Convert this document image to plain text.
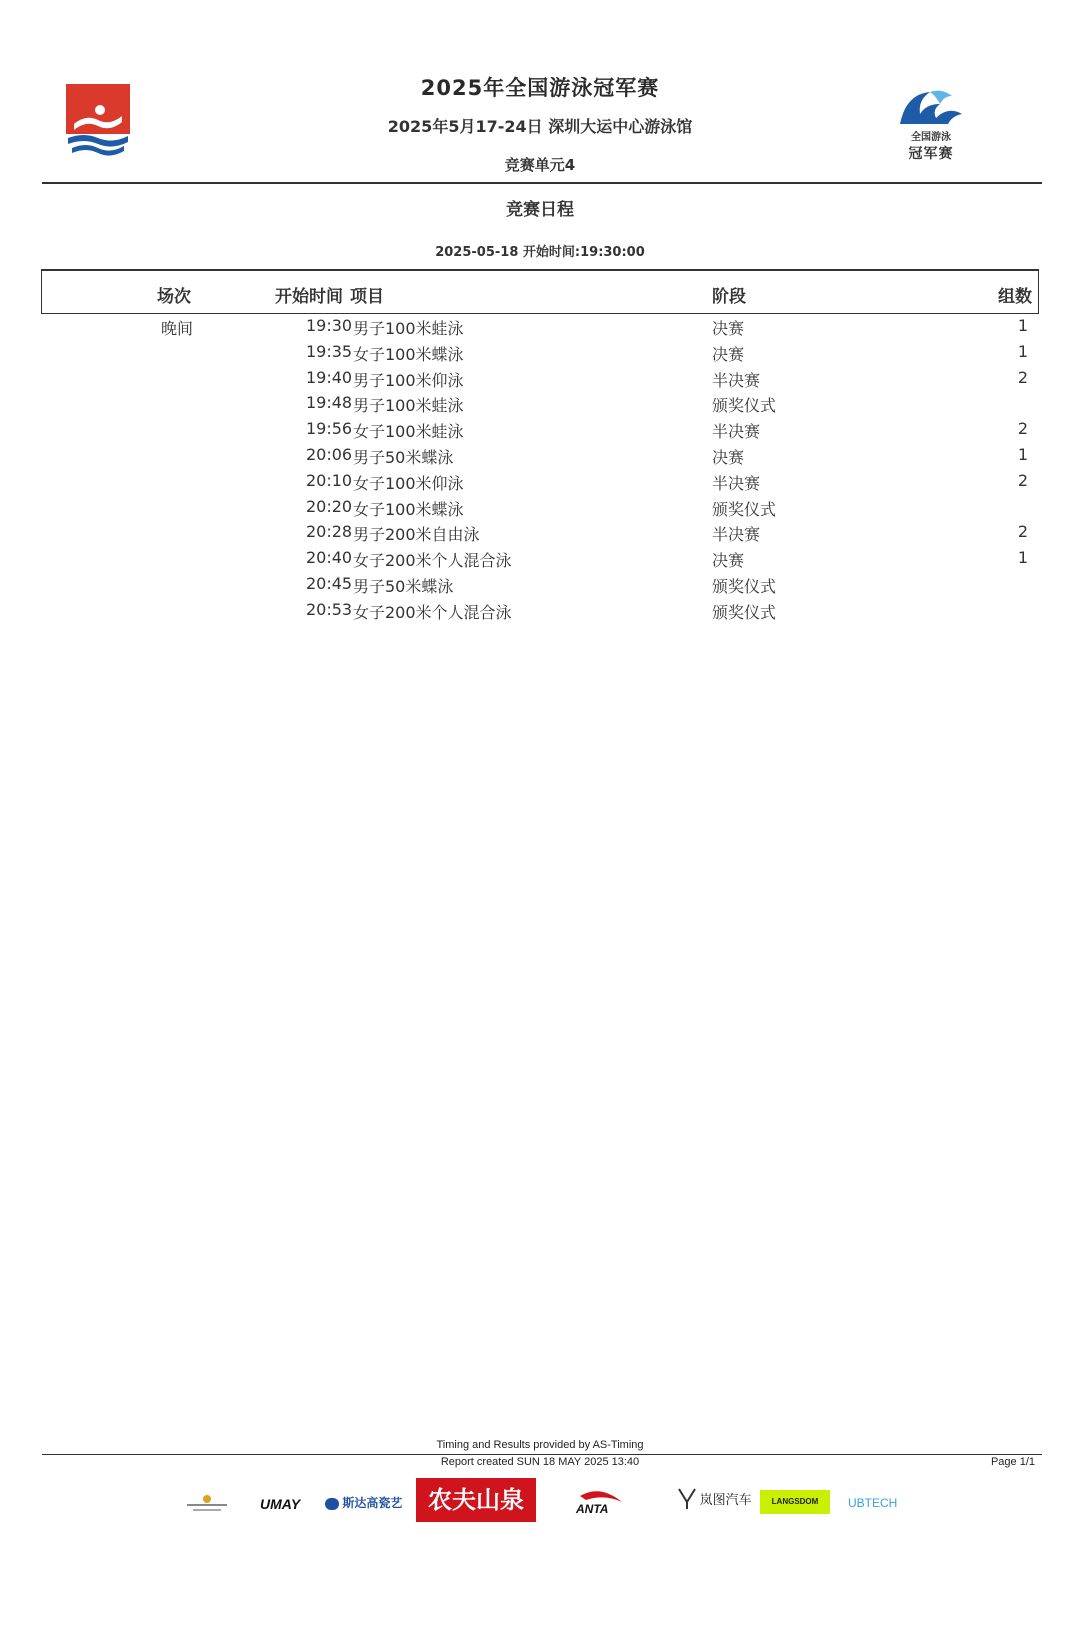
全国游泳
冠军赛
2025年全国游泳冠军赛
2025年5月17-24日 深圳大运中心游泳馆
竞赛单元4
竞赛日程
2025-05-18 开始时间:19:30:00
场次	开始时间 项目	阶段	组数
晚间	19:30 男子100米蛙泳	决赛	1
19:35 女子100米蝶泳	决赛	1
19:40 男子100米仰泳	半决赛	2
19:48 男子100米蛙泳	颁奖仪式
19:56 女子100米蛙泳	半决赛	2
20:06 男子50米蝶泳	决赛	1
20:10 女子100米仰泳	半决赛	2
20:20 女子100米蝶泳	颁奖仪式
20:28 男子200米自由泳	半决赛	2
20:40 女子200米个人混合泳	决赛	1
20:45 男子50米蝶泳	颁奖仪式
20:53 女子200米个人混合泳	颁奖仪式
Timing and Results provided by AS-Timing
Report created SUN 18 MAY 2025 13:40	Page 1/1
UMAY	斯达高瓷艺	农夫山泉	ANTA
岚图汽车	LANGSDOM	UBTECH
